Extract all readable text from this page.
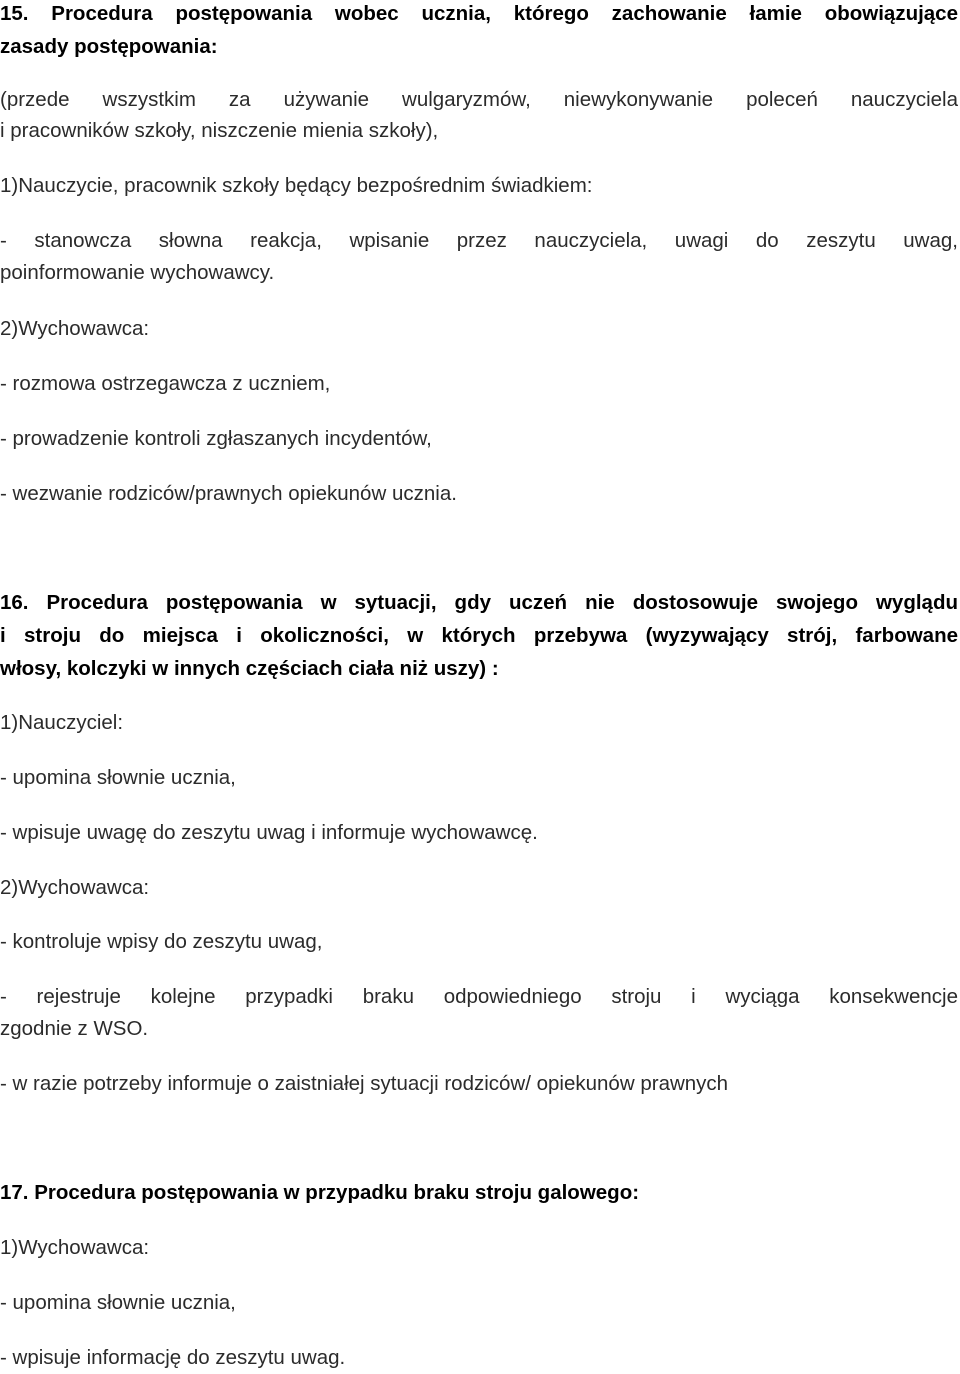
15. Procedura postępowania wobec ucznia, którego zachowanie łamie obowiązujące

zasady postępowania:

(przede wszystkim za używanie wulgaryzmów, niewykonywanie poleceń nauczyciela

i pracowników szkoły, niszczenie mienia szkoły),

1)Nauczycie, pracownik szkoły będący bezpośrednim świadkiem:

- stanowcza słowna reakcja, wpisanie przez nauczyciela, uwagi do zeszytu uwag,

poinformowanie wychowawcy.

2)Wychowawca:

- rozmowa ostrzegawcza z uczniem,

- prowadzenie kontroli zgłaszanych incydentów,

- wezwanie rodziców/prawnych opiekunów ucznia.

16. Procedura postępowania w sytuacji, gdy uczeń nie dostosowuje swojego wyglądu

i stroju do miejsca i okoliczności, w których przebywa (wyzywający strój, farbowane

włosy, kolczyki w innych częściach ciała niż uszy) :

1)Nauczyciel:

- upomina słownie ucznia,

- wpisuje uwagę do zeszytu uwag i informuje wychowawcę.

2)Wychowawca:

- kontroluje wpisy do zeszytu uwag,

- rejestruje kolejne przypadki braku odpowiedniego stroju i wyciąga konsekwencje

zgodnie z WSO.

- w razie potrzeby informuje o zaistniałej sytuacji rodziców/ opiekunów prawnych

17. Procedura postępowania w przypadku braku stroju galowego:

1)Wychowawca:

- upomina słownie ucznia,

- wpisuje informację do zeszytu uwag.
